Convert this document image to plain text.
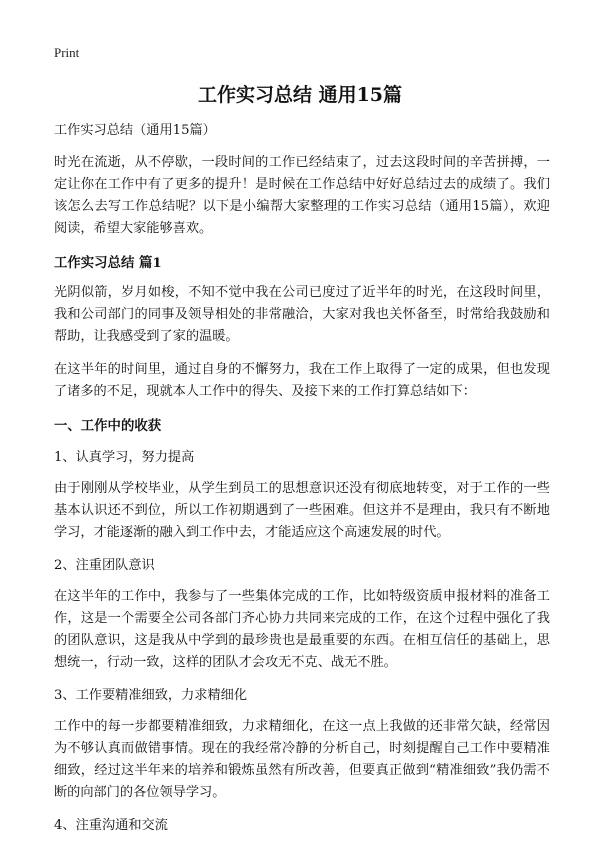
Print
工作实习总结 通用15篇

工作实习总结（通用15篇）

时光在流逝，从不停歇，一段时间的工作已经结束了，过去这段时间的辛苦拼搏，一定让你在工作中有了更多的提升！是时候在工作总结中好好总结过去的成绩了。我们该怎么去写工作总结呢？以下是小编帮大家整理的工作实习总结（通用15篇），欢迎阅读，希望大家能够喜欢。

工作实习总结 篇1

光阴似箭，岁月如梭，不知不觉中我在公司已度过了近半年的时光，在这段时间里，我和公司部门的同事及领导相处的非常融洽，大家对我也关怀备至，时常给我鼓励和帮助，让我感受到了家的温暖。

在这半年的时间里，通过自身的不懈努力，我在工作上取得了一定的成果，但也发现了诸多的不足，现就本人工作中的得失、及接下来的工作打算总结如下：

一、工作中的收获

1、认真学习，努力提高

由于刚刚从学校毕业，从学生到员工的思想意识还没有彻底地转变，对于工作的一些基本认识还不到位，所以工作初期遇到了一些困难。但这并不是理由，我只有不断地学习，才能逐渐的融入到工作中去，才能适应这个高速发展的时代。

2、注重团队意识

在这半年的工作中，我参与了一些集体完成的工作，比如特级资质申报材料的准备工作，这是一个需要全公司各部门齐心协力共同来完成的工作，在这个过程中强化了我的团队意识，这是我从中学到的最珍贵也是最重要的东西。在相互信任的基础上，思想统一，行动一致，这样的团队才会攻无不克、战无不胜。

3、工作要精准细致，力求精细化

工作中的每一步都要精准细致，力求精细化，在这一点上我做的还非常欠缺，经常因为不够认真而做错事情。现在的我经常冷静的分析自己，时刻提醒自己工作中要精准细致，经过这半年来的培养和锻炼虽然有所改善，但要真正做到“精准细致”我仍需不断的向部门的各位领导学习。

4、注重沟通和交流
